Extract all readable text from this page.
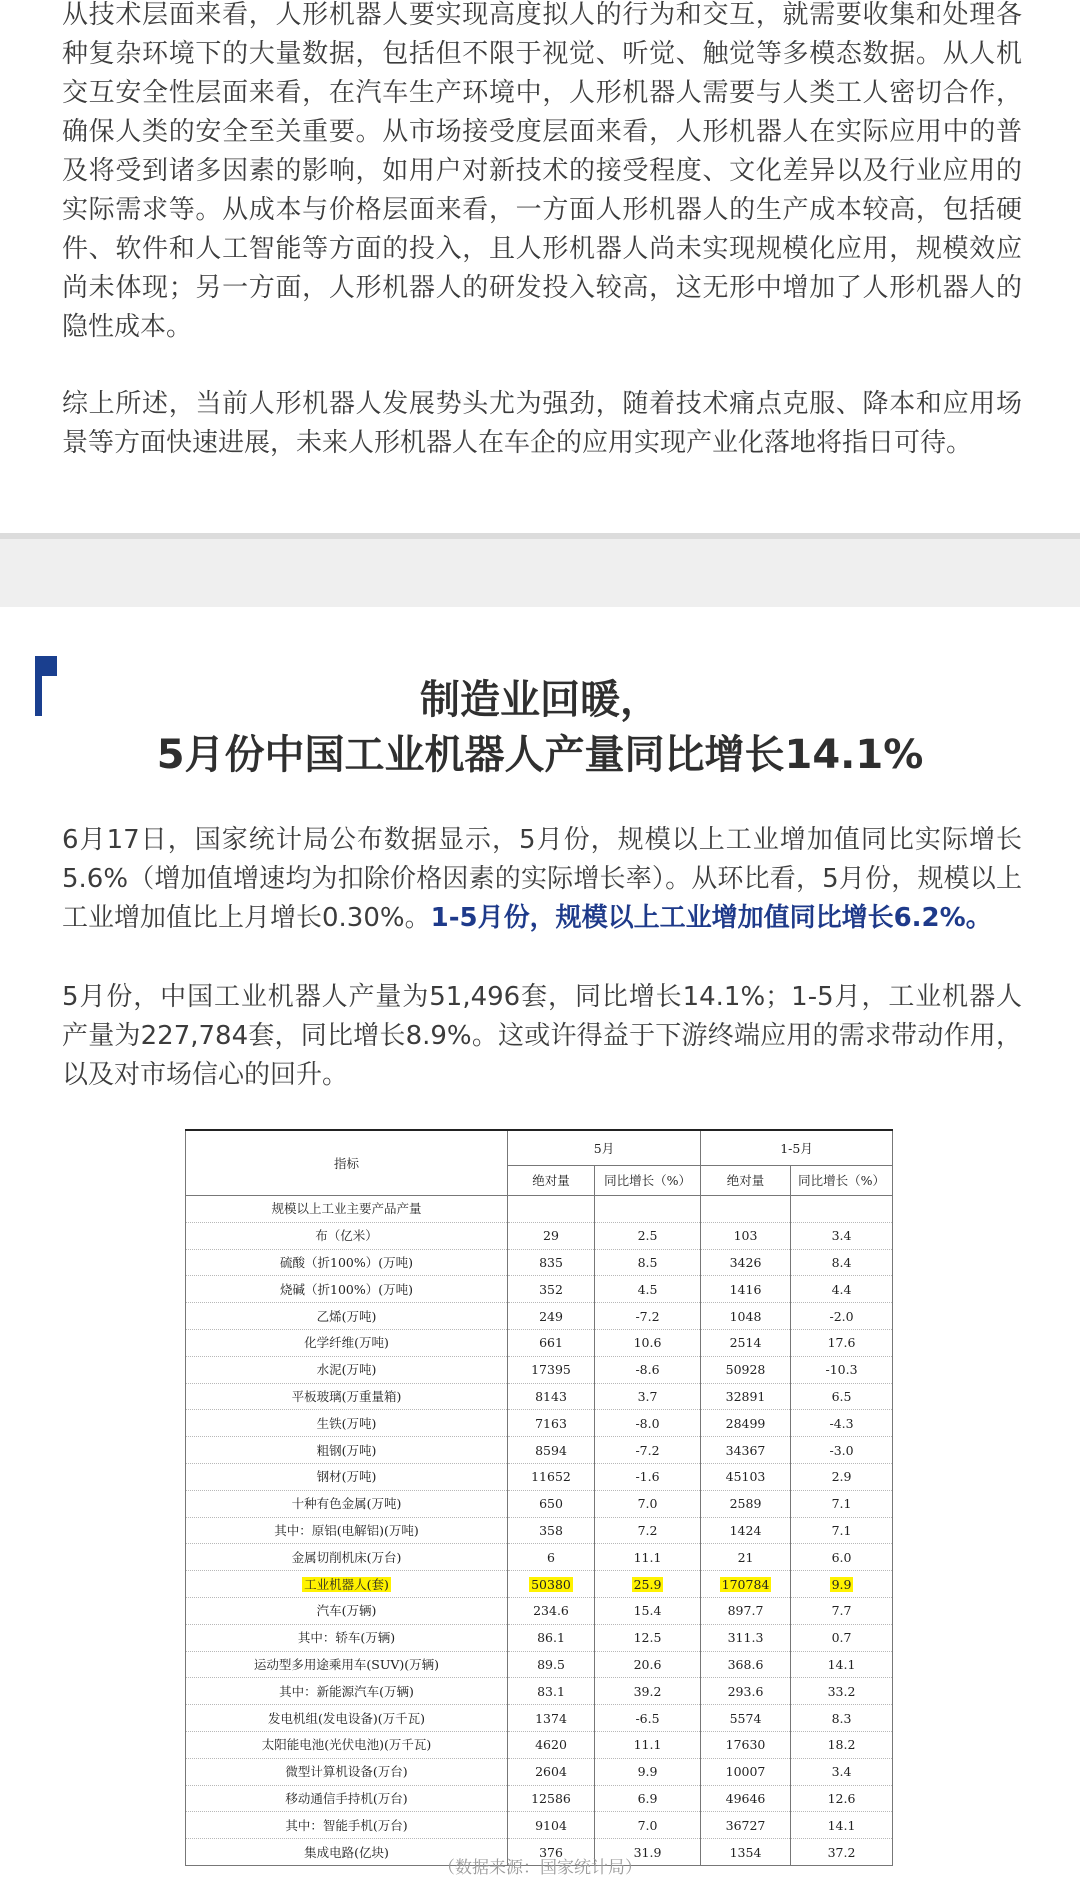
从技术层面来看，人形机器人要实现高度拟人的行为和交互，就需要收集和处理各种复杂环境下的大量数据，包括但不限于视觉、听觉、触觉等多模态数据。从人机交互安全性层面来看，在汽车生产环境中，人形机器人需要与人类工人密切合作，确保人类的安全至关重要。从市场接受度层面来看，人形机器人在实际应用中的普及将受到诸多因素的影响，如用户对新技术的接受程度、文化差异以及行业应用的实际需求等。从成本与价格层面来看，一方面人形机器人的生产成本较高，包括硬件、软件和人工智能等方面的投入，且人形机器人尚未实现规模化应用，规模效应尚未体现；另一方面，人形机器人的研发投入较高，这无形中增加了人形机器人的隐性成本。

综上所述，当前人形机器人发展势头尤为强劲，随着技术痛点克服、降本和应用场景等方面快速进展，未来人形机器人在车企的应用实现产业化落地将指日可待。

制造业回暖，
5月份中国工业机器人产量同比增长14.1%

6月17日，国家统计局公布数据显示，5月份，规模以上工业增加值同比实际增长5.6%（增加值增速均为扣除价格因素的实际增长率）。从环比看，5月份，规模以上工业增加值比上月增长0.30%。1-5月份，规模以上工业增加值同比增长6.2%。

5月份，中国工业机器人产量为51,496套，同比增长14.1%；1-5月，工业机器人产量为227,784套，同比增长8.9%。这或许得益于下游终端应用的需求带动作用，以及对市场信心的回升。

指标	5月		1-5月	
	绝对量	同比增长（%）	绝对量	同比增长（%）
规模以上工业主要产品产量				
布（亿米）	29	2.5	103	3.4
硫酸（折100%）(万吨)	835	8.5	3426	8.4
烧碱（折100%）(万吨)	352	4.5	1416	4.4
乙烯(万吨)	249	-7.2	1048	-2.0
化学纤维(万吨)	661	10.6	2514	17.6
水泥(万吨)	17395	-8.6	50928	-10.3
平板玻璃(万重量箱)	8143	3.7	32891	6.5
生铁(万吨)	7163	-8.0	28499	-4.3
粗钢(万吨)	8594	-7.2	34367	-3.0
钢材(万吨)	11652	-1.6	45103	2.9
十种有色金属(万吨)	650	7.0	2589	7.1
其中：原铝(电解铝)(万吨)	358	7.2	1424	7.1
金属切削机床(万台)	6	11.1	21	6.0
工业机器人(套)	50380	25.9	170784	9.9
汽车(万辆)	234.6	15.4	897.7	7.7
其中：轿车(万辆)	86.1	12.5	311.3	0.7
运动型多用途乘用车(SUV)(万辆)	89.5	20.6	368.6	14.1
其中：新能源汽车(万辆)	83.1	39.2	293.6	33.2
发电机组(发电设备)(万千瓦)	1374	-6.5	5574	8.3
太阳能电池(光伏电池)(万千瓦)	4620	11.1	17630	18.2
微型计算机设备(万台)	2604	9.9	10007	3.4
移动通信手持机(万台)	12586	6.9	49646	12.6
其中：智能手机(万台)	9104	7.0	36727	14.1
集成电路(亿块)	376	31.9	1354	37.2

（数据来源：国家统计局）
